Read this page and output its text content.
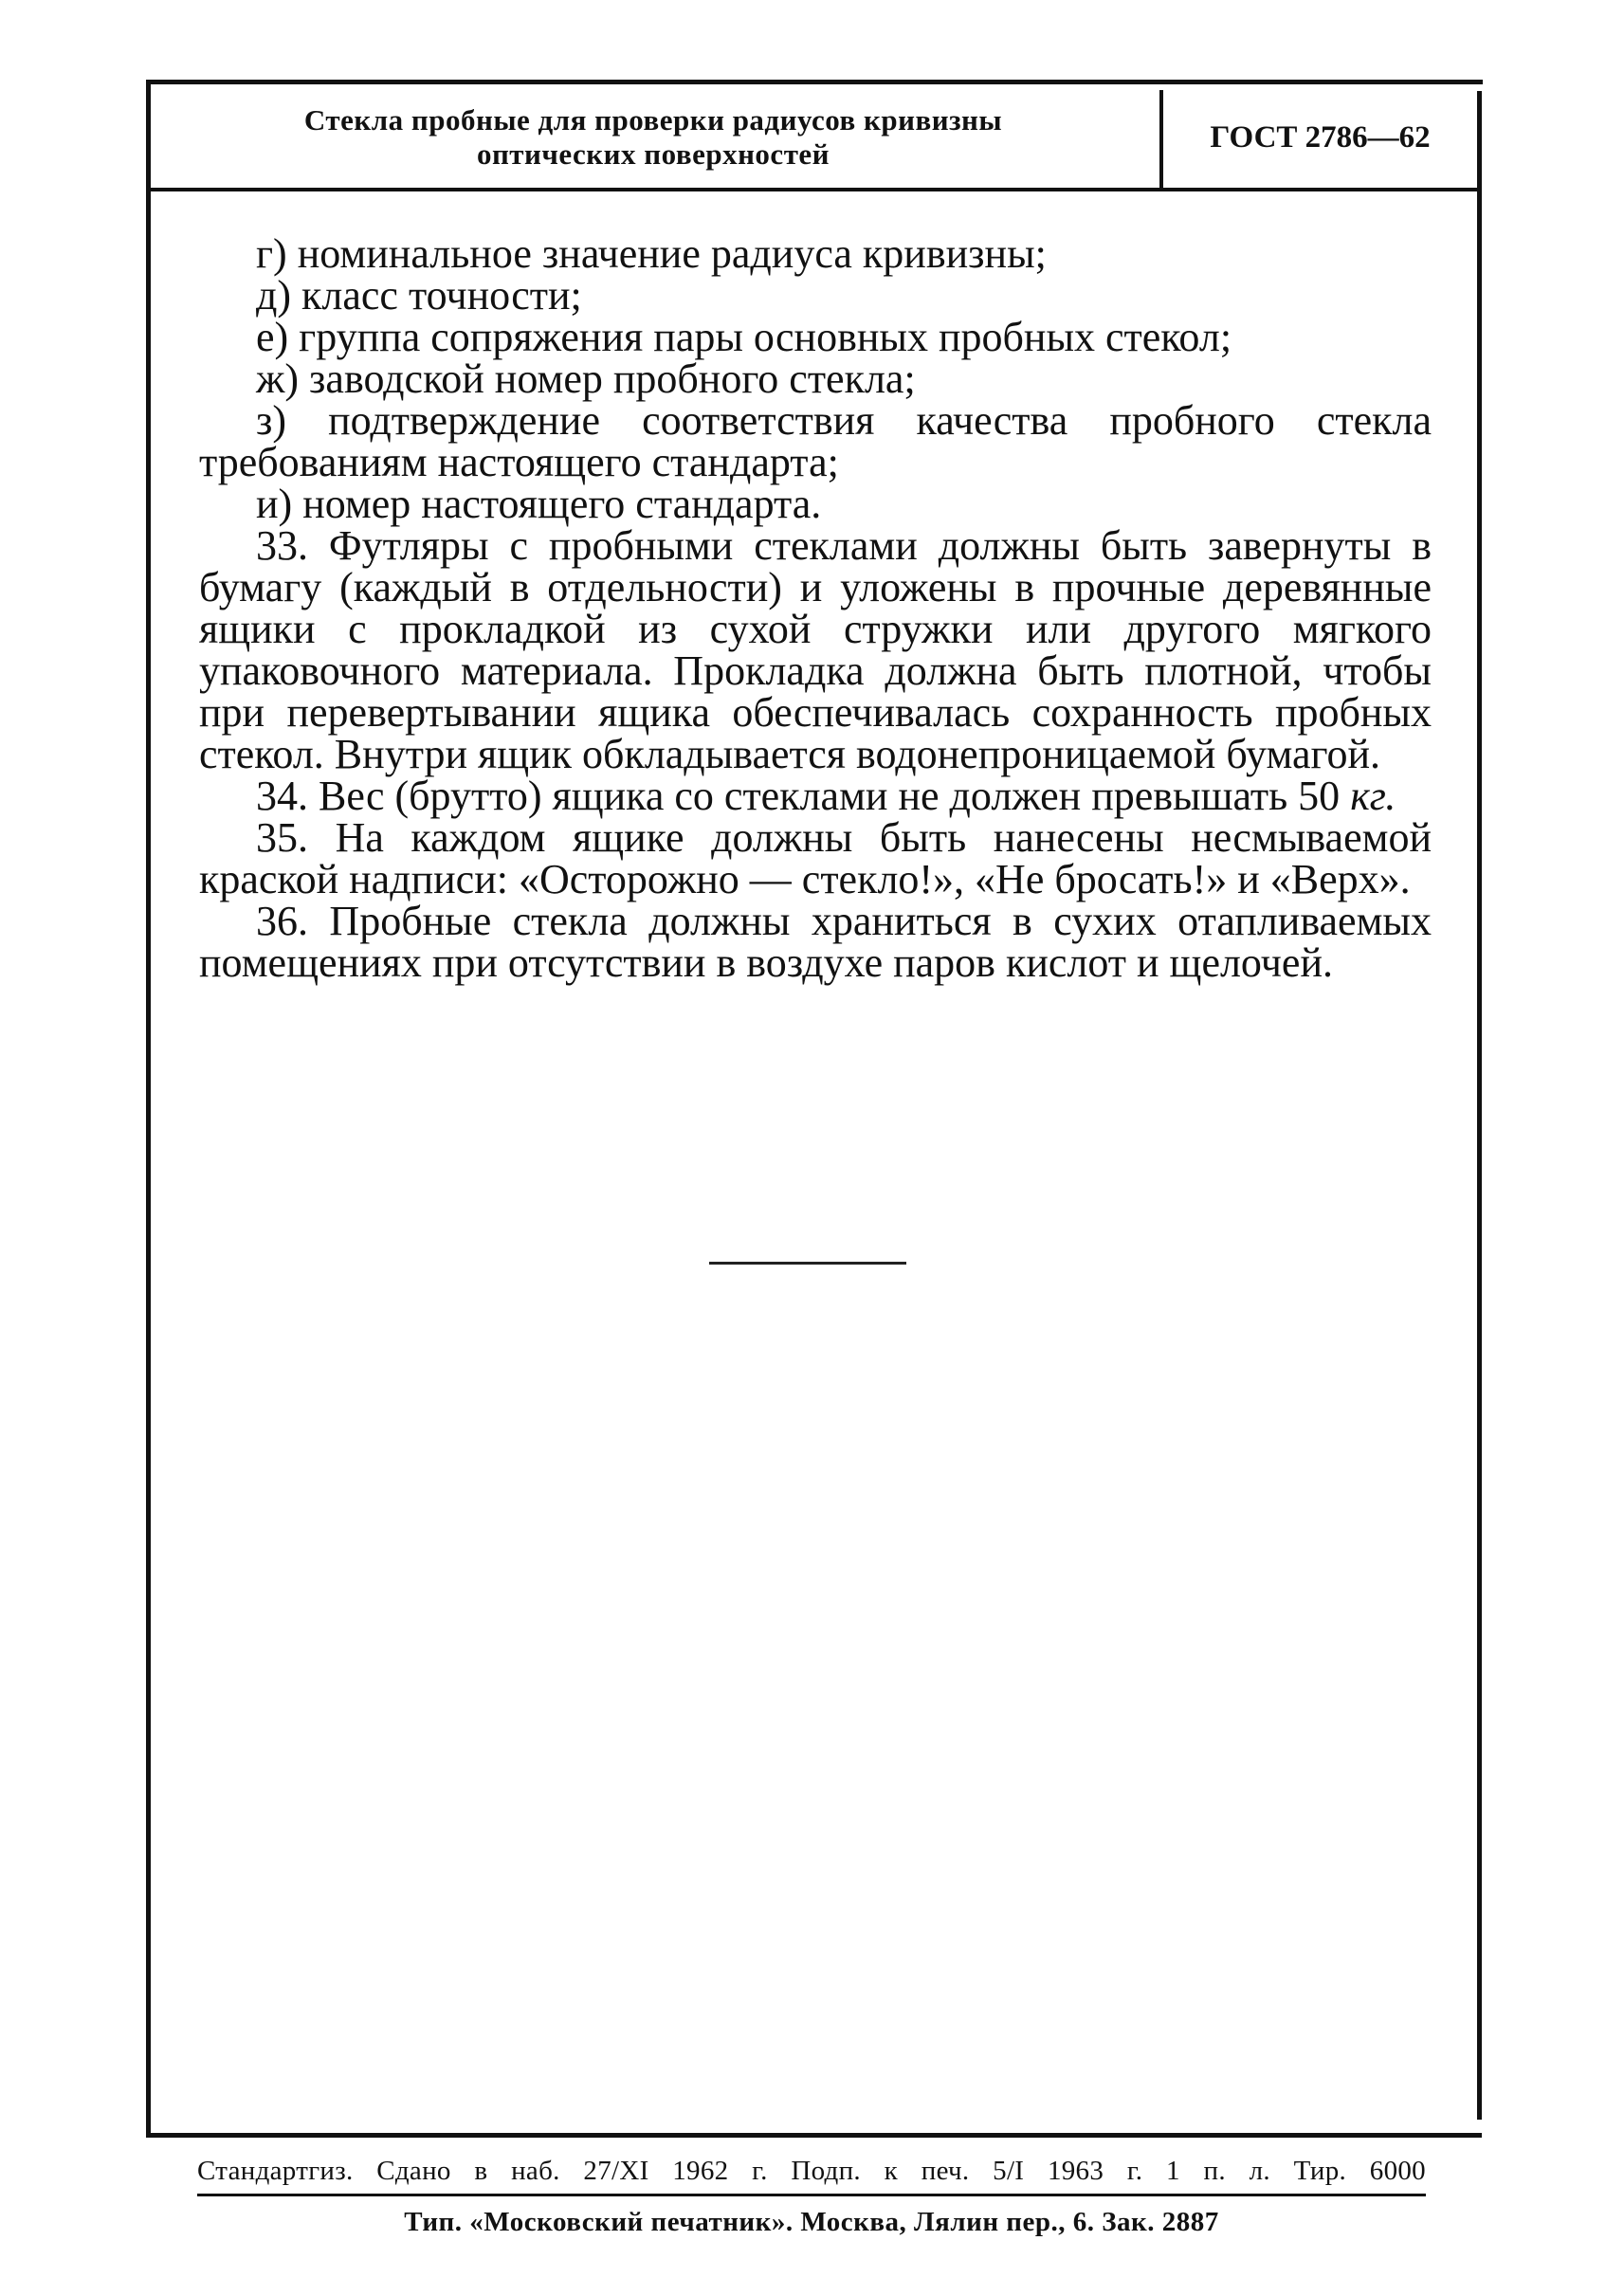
Стекла пробные для проверки радиусов кривизны
оптических поверхностей	ГОСТ 2786—62

г) номинальное значение радиуса кривизны;

д) класс точности;

е) группа сопряжения пары основных пробных стекол;

ж) заводской номер пробного стекла;

з) подтверждение соответствия качества пробного стекла требованиям настоящего стандарта;

и) номер настоящего стандарта.

33. Футляры с пробными стеклами должны быть завернуты в бумагу (каждый в отдельности) и уложены в прочные деревянные ящики с прокладкой из сухой стружки или другого мягкого упаковочного материала. Прокладка должна быть плотной, чтобы при перевертывании ящика обеспечивалась сохранность пробных стекол. Внутри ящик обкладывается водонепроницаемой бумагой.

34. Вес (брутто) ящика со стеклами не должен превышать 50 кг.

35. На каждом ящике должны быть нанесены несмываемой краской надписи: «Осторожно — стекло!», «Не бросать!» и «Верх».

36. Пробные стекла должны храниться в сухих отапливаемых помещениях при отсутствии в воздухе паров кислот и щелочей.

Стандартгиз. Сдано в наб. 27/XI 1962 г. Подп. к печ. 5/I 1963 г. 1 п. л. Тир. 6000
Тип. «Московский печатник». Москва, Лялин пер., 6. Зак. 2887
